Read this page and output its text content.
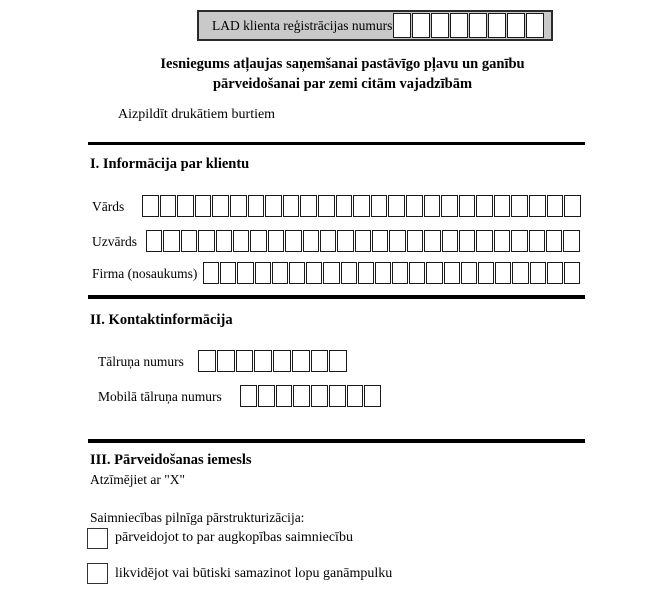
LAD klienta reģistrācijas numurs
Iesniegums atļaujas saņemšanai pastāvīgo pļavu un ganību
pārveidošanai par zemi citām vajadzībām
Aizpildīt drukātiem burtiem
I. Informācija par klientu
Vārds
Uzvārds
Firma (nosaukums)
II. Kontaktinformācija
Tālruņa numurs
Mobilā tālruņa numurs
III. Pārveidošanas iemesls
Atzīmējiet ar "X"
Saimniecības pilnīga pārstrukturizācija:
pārveidojot to par augkopības saimniecību
likvidējot vai būtiski samazinot lopu ganāmpulku
